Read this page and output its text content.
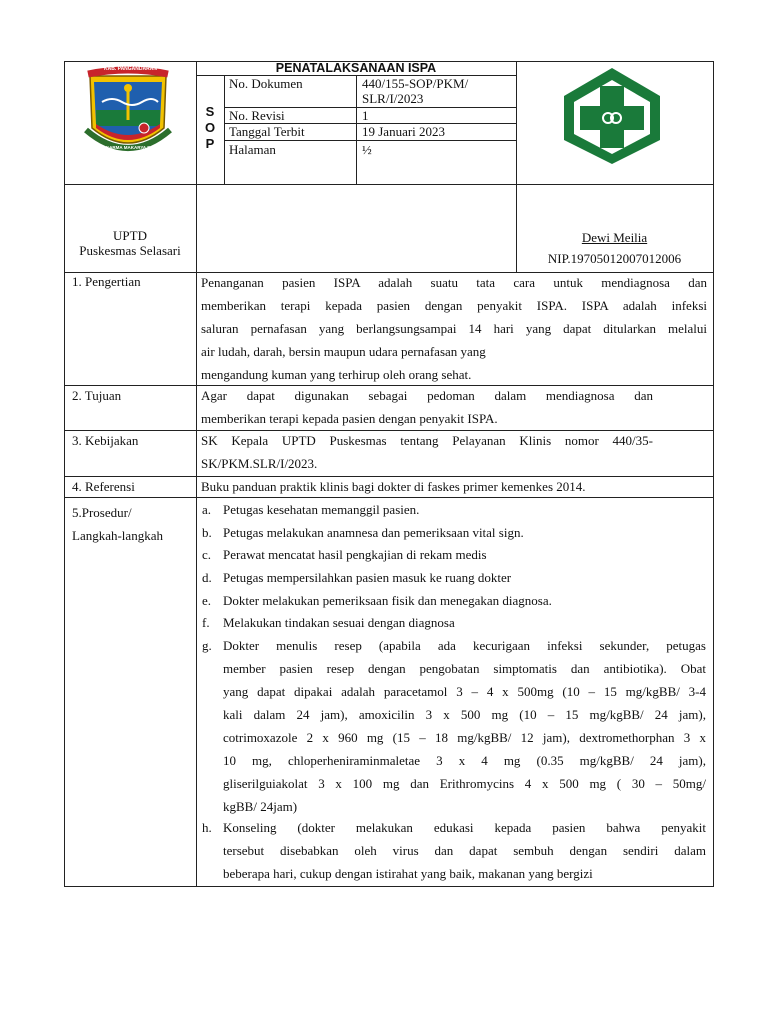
KAB. PANGANDARAN
PAGI KARMA MAKARYA PRAJA
PENATALAKSANAAN ISPA
S
O
P
No. Dokumen	440/155-SOP/PKM/
SLR/I/2023
No. Revisi	1
Tanggal Terbit	19 Januari 2023
Halaman	½
UPTD
Puskesmas Selasari
Dewi Meilia
NIP.19705012007012006
1. Pengertian	Penanganan pasien ISPA adalah suatu tata cara untuk mendiagnosa dan
memberikan terapi kepada pasien dengan penyakit ISPA. ISPA adalah infeksi
saluran pernafasan yang berlangsungsampai 14 hari yang dapat ditularkan melalui
air ludah, darah, bersin maupun udara pernafasan yang
mengandung kuman yang terhirup oleh orang sehat.
2. Tujuan	Agar dapat digunakan sebagai pedoman dalam mendiagnosa dan
memberikan terapi kepada pasien dengan penyakit ISPA.
3. Kebijakan	SK Kepala UPTD Puskesmas tentang Pelayanan Klinis nomor 440/35-
SK/PKM.SLR/I/2023.
4. Referensi	Buku panduan praktik klinis bagi dokter di faskes primer kemenkes 2014.
5.Prosedur/
Langkah-langkah
a. Petugas kesehatan memanggil pasien.
b. Petugas melakukan anamnesa dan pemeriksaan vital sign.
c. Perawat mencatat hasil pengkajian di rekam medis
d. Petugas mempersilahkan pasien masuk ke ruang dokter
e. Dokter melakukan pemeriksaan fisik dan menegakan diagnosa.
f. Melakukan tindakan sesuai dengan diagnosa
g. Dokter menulis resep (apabila ada kecurigaan infeksi sekunder, petugas
member pasien resep dengan pengobatan simptomatis dan antibiotika). Obat
yang dapat dipakai adalah paracetamol 3 – 4 x 500mg (10 – 15 mg/kgBB/ 3-4
kali dalam 24 jam), amoxicilin 3 x 500 mg (10 – 15 mg/kgBB/ 24 jam),
cotrimoxazole 2 x 960 mg (15 – 18 mg/kgBB/ 12 jam), dextromethorphan 3 x
10 mg, chloperheniraminmaletae 3 x 4 mg (0.35 mg/kgBB/ 24 jam),
gliserilguiakolat 3 x 100 mg dan Erithromycins 4 x 500 mg ( 30 – 50mg/
kgBB/ 24jam)
h. Konseling (dokter melakukan edukasi kepada pasien bahwa penyakit
tersebut disebabkan oleh virus dan dapat sembuh dengan sendiri dalam
beberapa hari, cukup dengan istirahat yang baik, makanan yang bergizi
